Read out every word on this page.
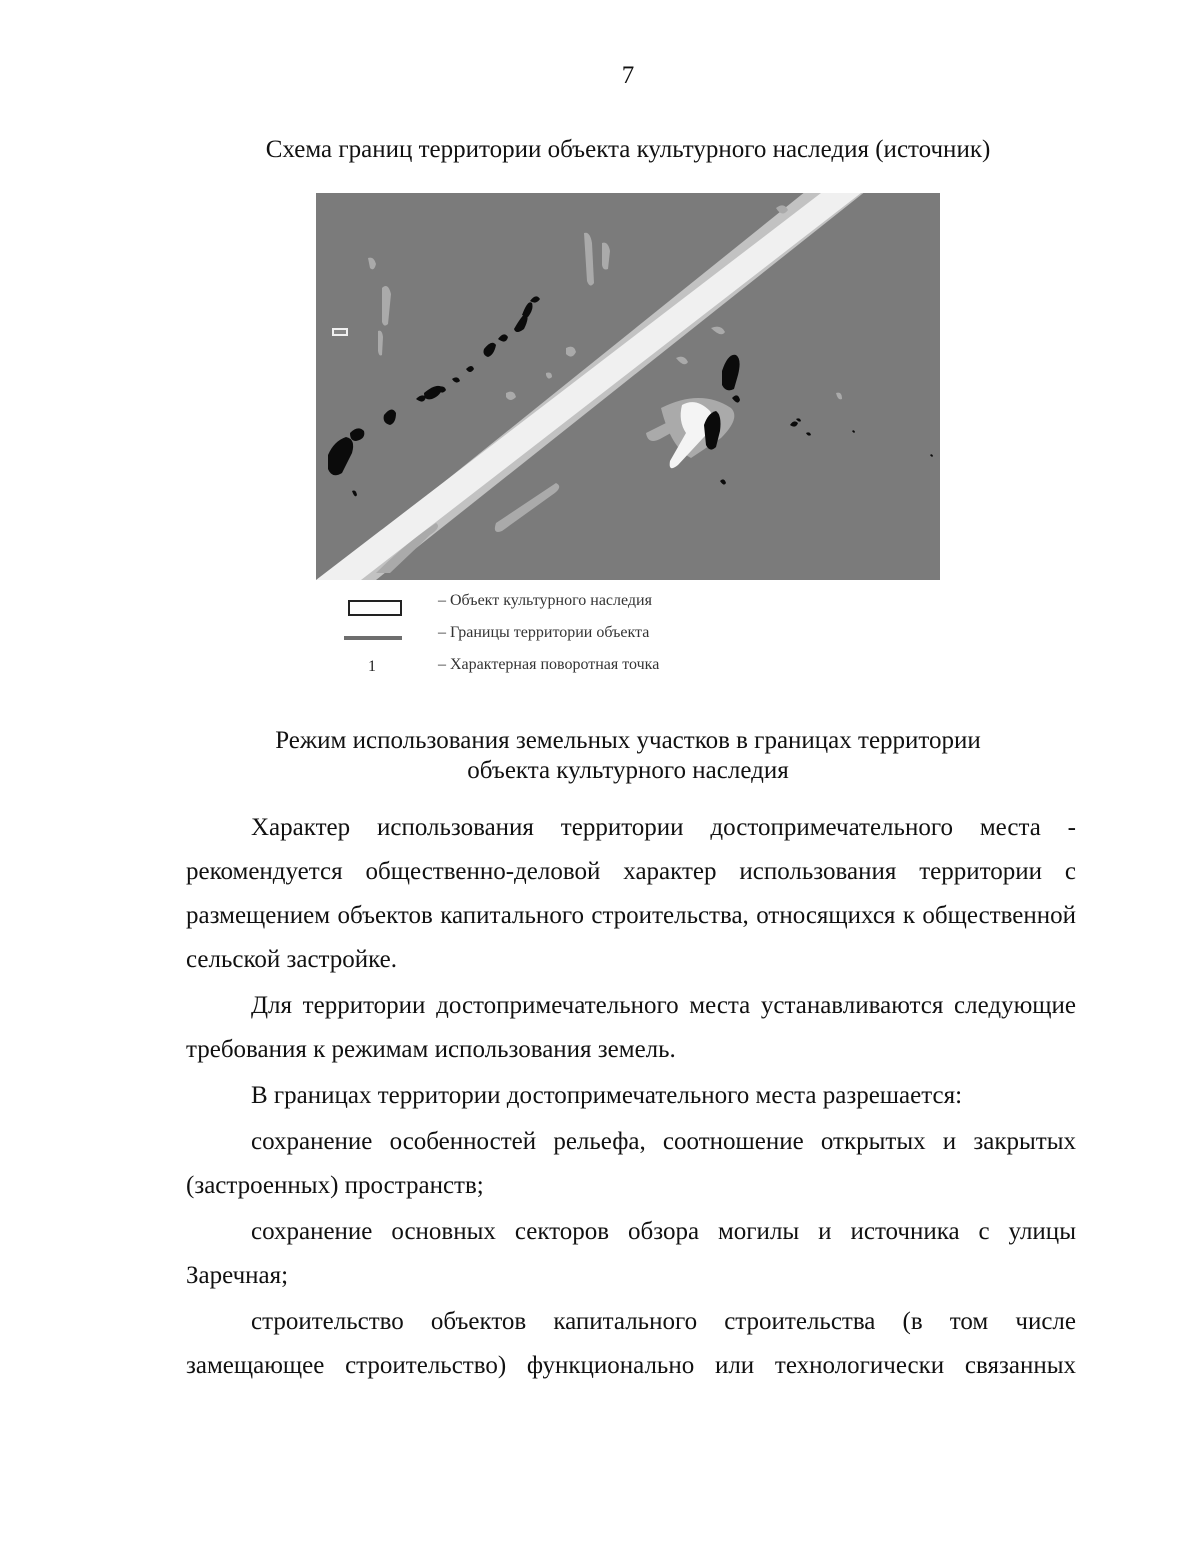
7
Схема границ территории объекта культурного наследия (источник)
– Объект культурного наследия
– Границы территории объекта
1	– Характерная поворотная точка
Режим использования земельных участков в границах территории
объекта культурного наследия

Характер использования территории достопримечательного места - рекомендуется общественно-деловой характер использования территории с размещением объектов капитального строительства, относящихся к общественной сельской застройке.

Для территории достопримечательного места устанавливаются следующие требования к режимам использования земель.

В границах территории достопримечательного места разрешается:

сохранение особенностей рельефа, соотношение открытых и закрытых (застроенных) пространств;

сохранение основных секторов обзора могилы и источника с улицы Заречная;

строительство объектов капитального строительства (в том числе замещающее строительство) функционально или технологически связанных
